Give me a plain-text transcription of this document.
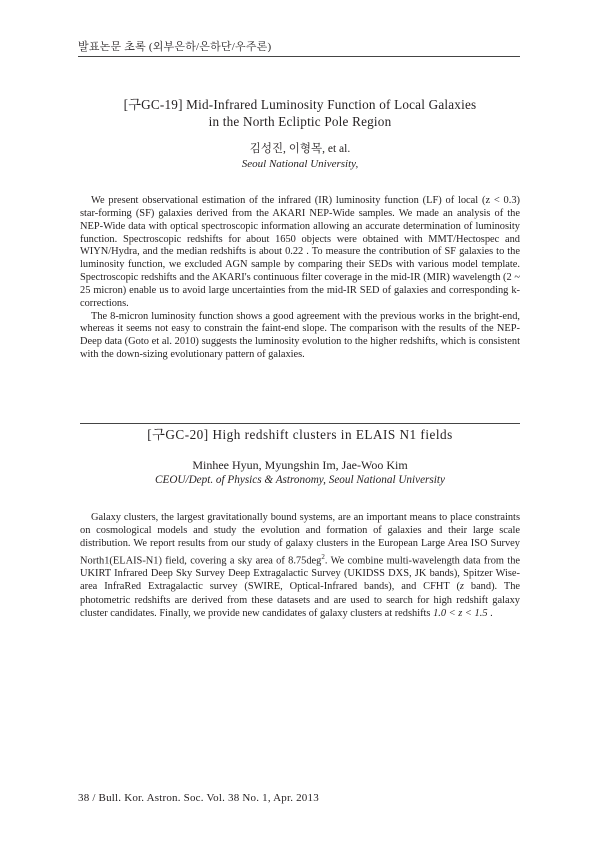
발표논문 초록 (외부은하/은하단/우주론)
[구GC-19] Mid-Infrared Luminosity Function of Local Galaxies
in the North Ecliptic Pole Region
김성진, 이형목, et al.
Seoul National University,

We present observational estimation of the infrared (IR) luminosity function (LF) of local (z < 0.3) star-forming (SF) galaxies derived from the AKARI NEP-Wide samples. We made an analysis of the NEP-Wide data with optical spectroscopic information allowing an accurate determination of luminosity function. Spectroscopic redshifts for about 1650 objects were obtained with MMT/Hectospec and WIYN/Hydra, and the median redshifts is about 0.22 . To measure the contribution of SF galaxies to the luminosity function, we excluded AGN sample by comparing their SEDs with various model template. Spectroscopic redshifts and the AKARI's continuous filter coverage in the mid-IR (MIR) wavelength (2 ~ 25 micron) enable us to avoid large uncertainties from the mid-IR SED of galaxies and corresponding k-corrections.

The 8-micron luminosity function shows a good agreement with the previous works in the bright-end, whereas it seems not easy to constrain the faint-end slope. The comparison with the results of the NEP-Deep data (Goto et al. 2010) suggests the luminosity evolution to the higher redshifts, which is consistent with the down-sizing evolutionary pattern of galaxies.

[구GC-20] High redshift clusters in ELAIS N1 fields
Minhee Hyun, Myungshin Im, Jae-Woo Kim
CEOU/Dept. of Physics & Astronomy, Seoul National University

Galaxy clusters, the largest gravitationally bound systems, are an important means to place constraints on cosmological models and study the evolution and formation of galaxies and their large scale distribution. We report results from our study of galaxy clusters in the European Large Area ISO Survey North1(ELAIS-N1) field, covering a sky area of 8.75deg$^2$. We combine multi-wavelength data from the UKIRT Infrared Deep Sky Survey Deep Extragalactic Survey (UKIDSS DXS, JK bands), Spitzer Wise-area InfraRed Extragalactic survey (SWIRE, Optical-Infrared bands), and CFHT (z band). The photometric redshifts are derived from these datasets and are used to search for high redshift galaxy cluster candidates. Finally, we provide new candidates of galaxy clusters at redshifts 1.0 < z < 1.5 .

38 / Bull. Kor. Astron. Soc. Vol. 38 No. 1, Apr. 2013
